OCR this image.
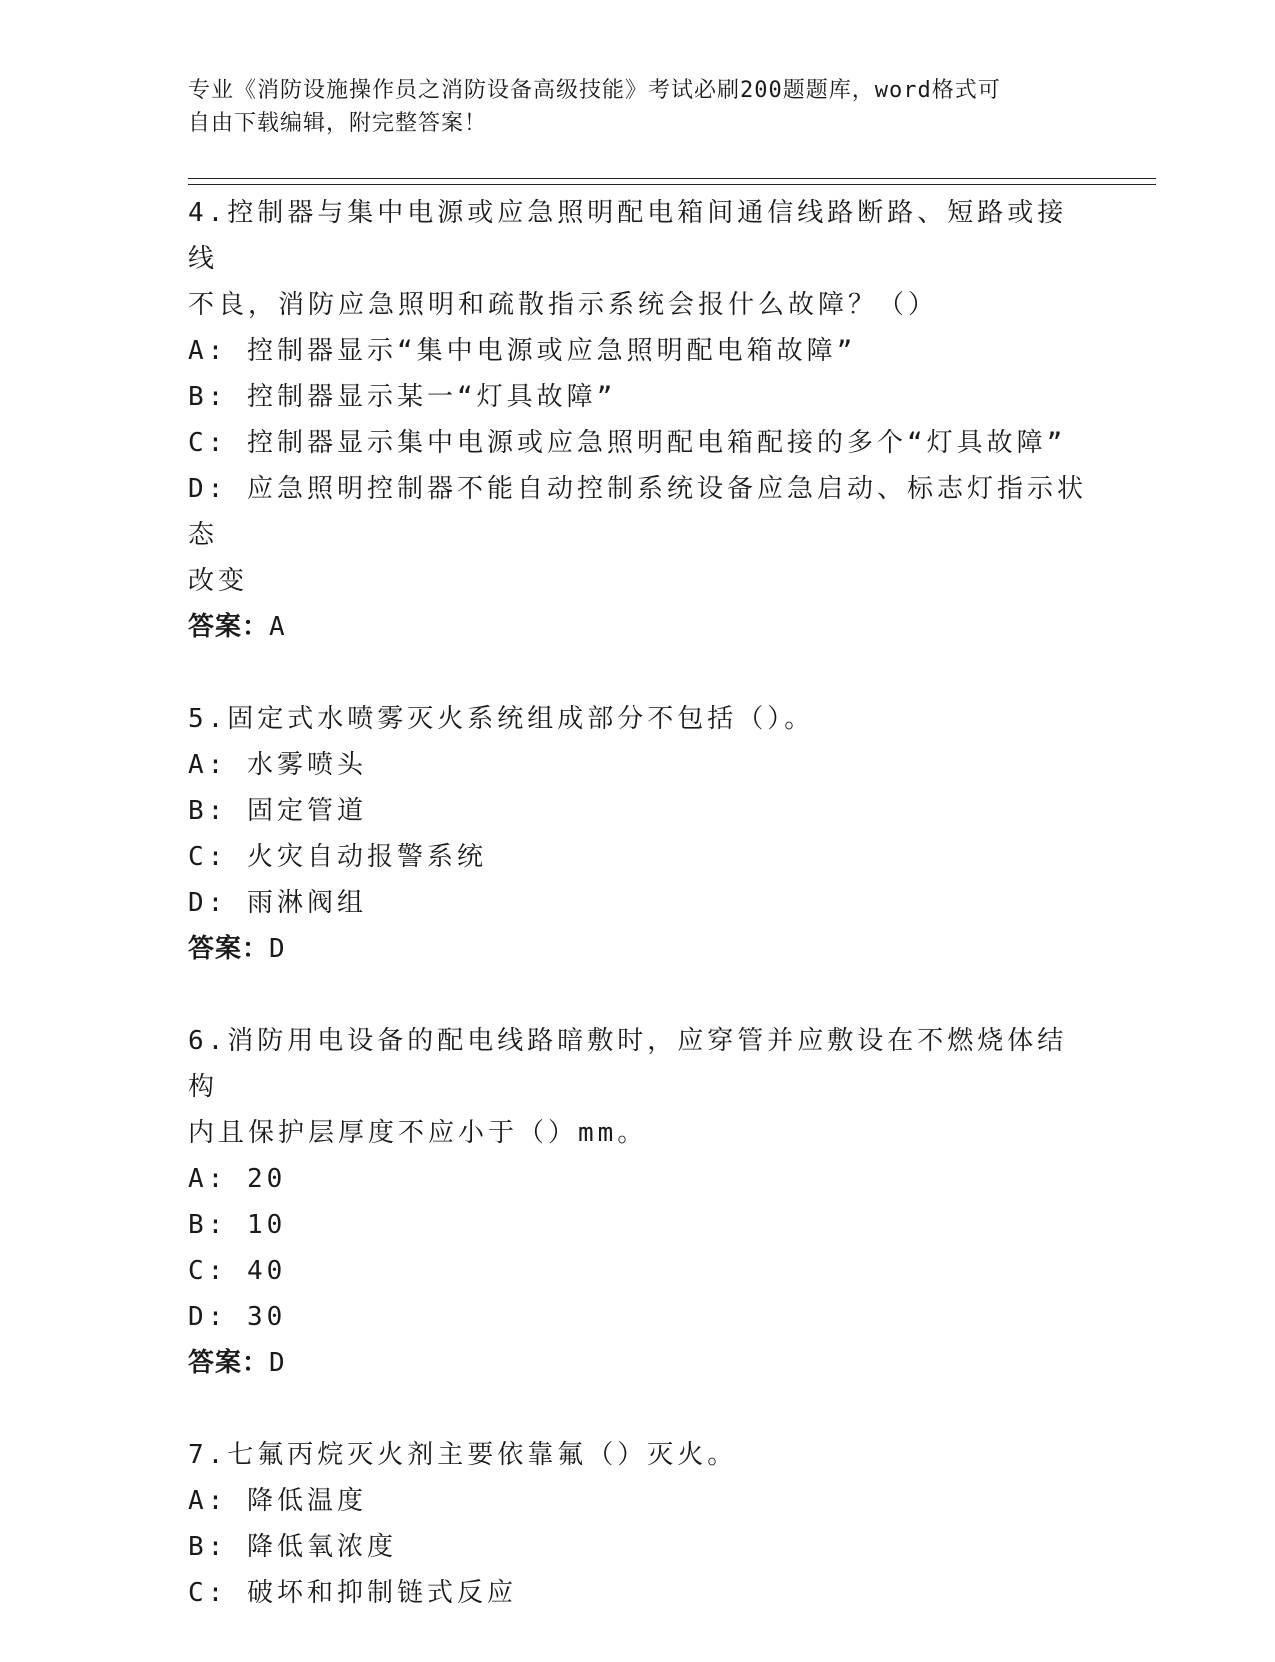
专业《消防设施操作员之消防设备高级技能》考试必刷200题题库，word格式可
自由下载编辑，附完整答案！
4.控制器与集中电源或应急照明配电箱间通信线路断路、短路或接线
不良，消防应急照明和疏散指示系统会报什么故障？（）
A: 控制器显示“集中电源或应急照明配电箱故障”
B: 控制器显示某一“灯具故障”
C: 控制器显示集中电源或应急照明配电箱配接的多个“灯具故障”
D: 应急照明控制器不能自动控制系统设备应急启动、标志灯指示状态
改变
答案：A
5.固定式水喷雾灭火系统组成部分不包括（）。
A: 水雾喷头
B: 固定管道
C: 火灾自动报警系统
D: 雨淋阀组
答案：D
6.消防用电设备的配电线路暗敷时，应穿管并应敷设在不燃烧体结构
内且保护层厚度不应小于（）mm。
A: 20
B: 10
C: 40
D: 30
答案：D
7.七氟丙烷灭火剂主要依靠氟（）灭火。
A: 降低温度
B: 降低氧浓度
C: 破坏和抑制链式反应
